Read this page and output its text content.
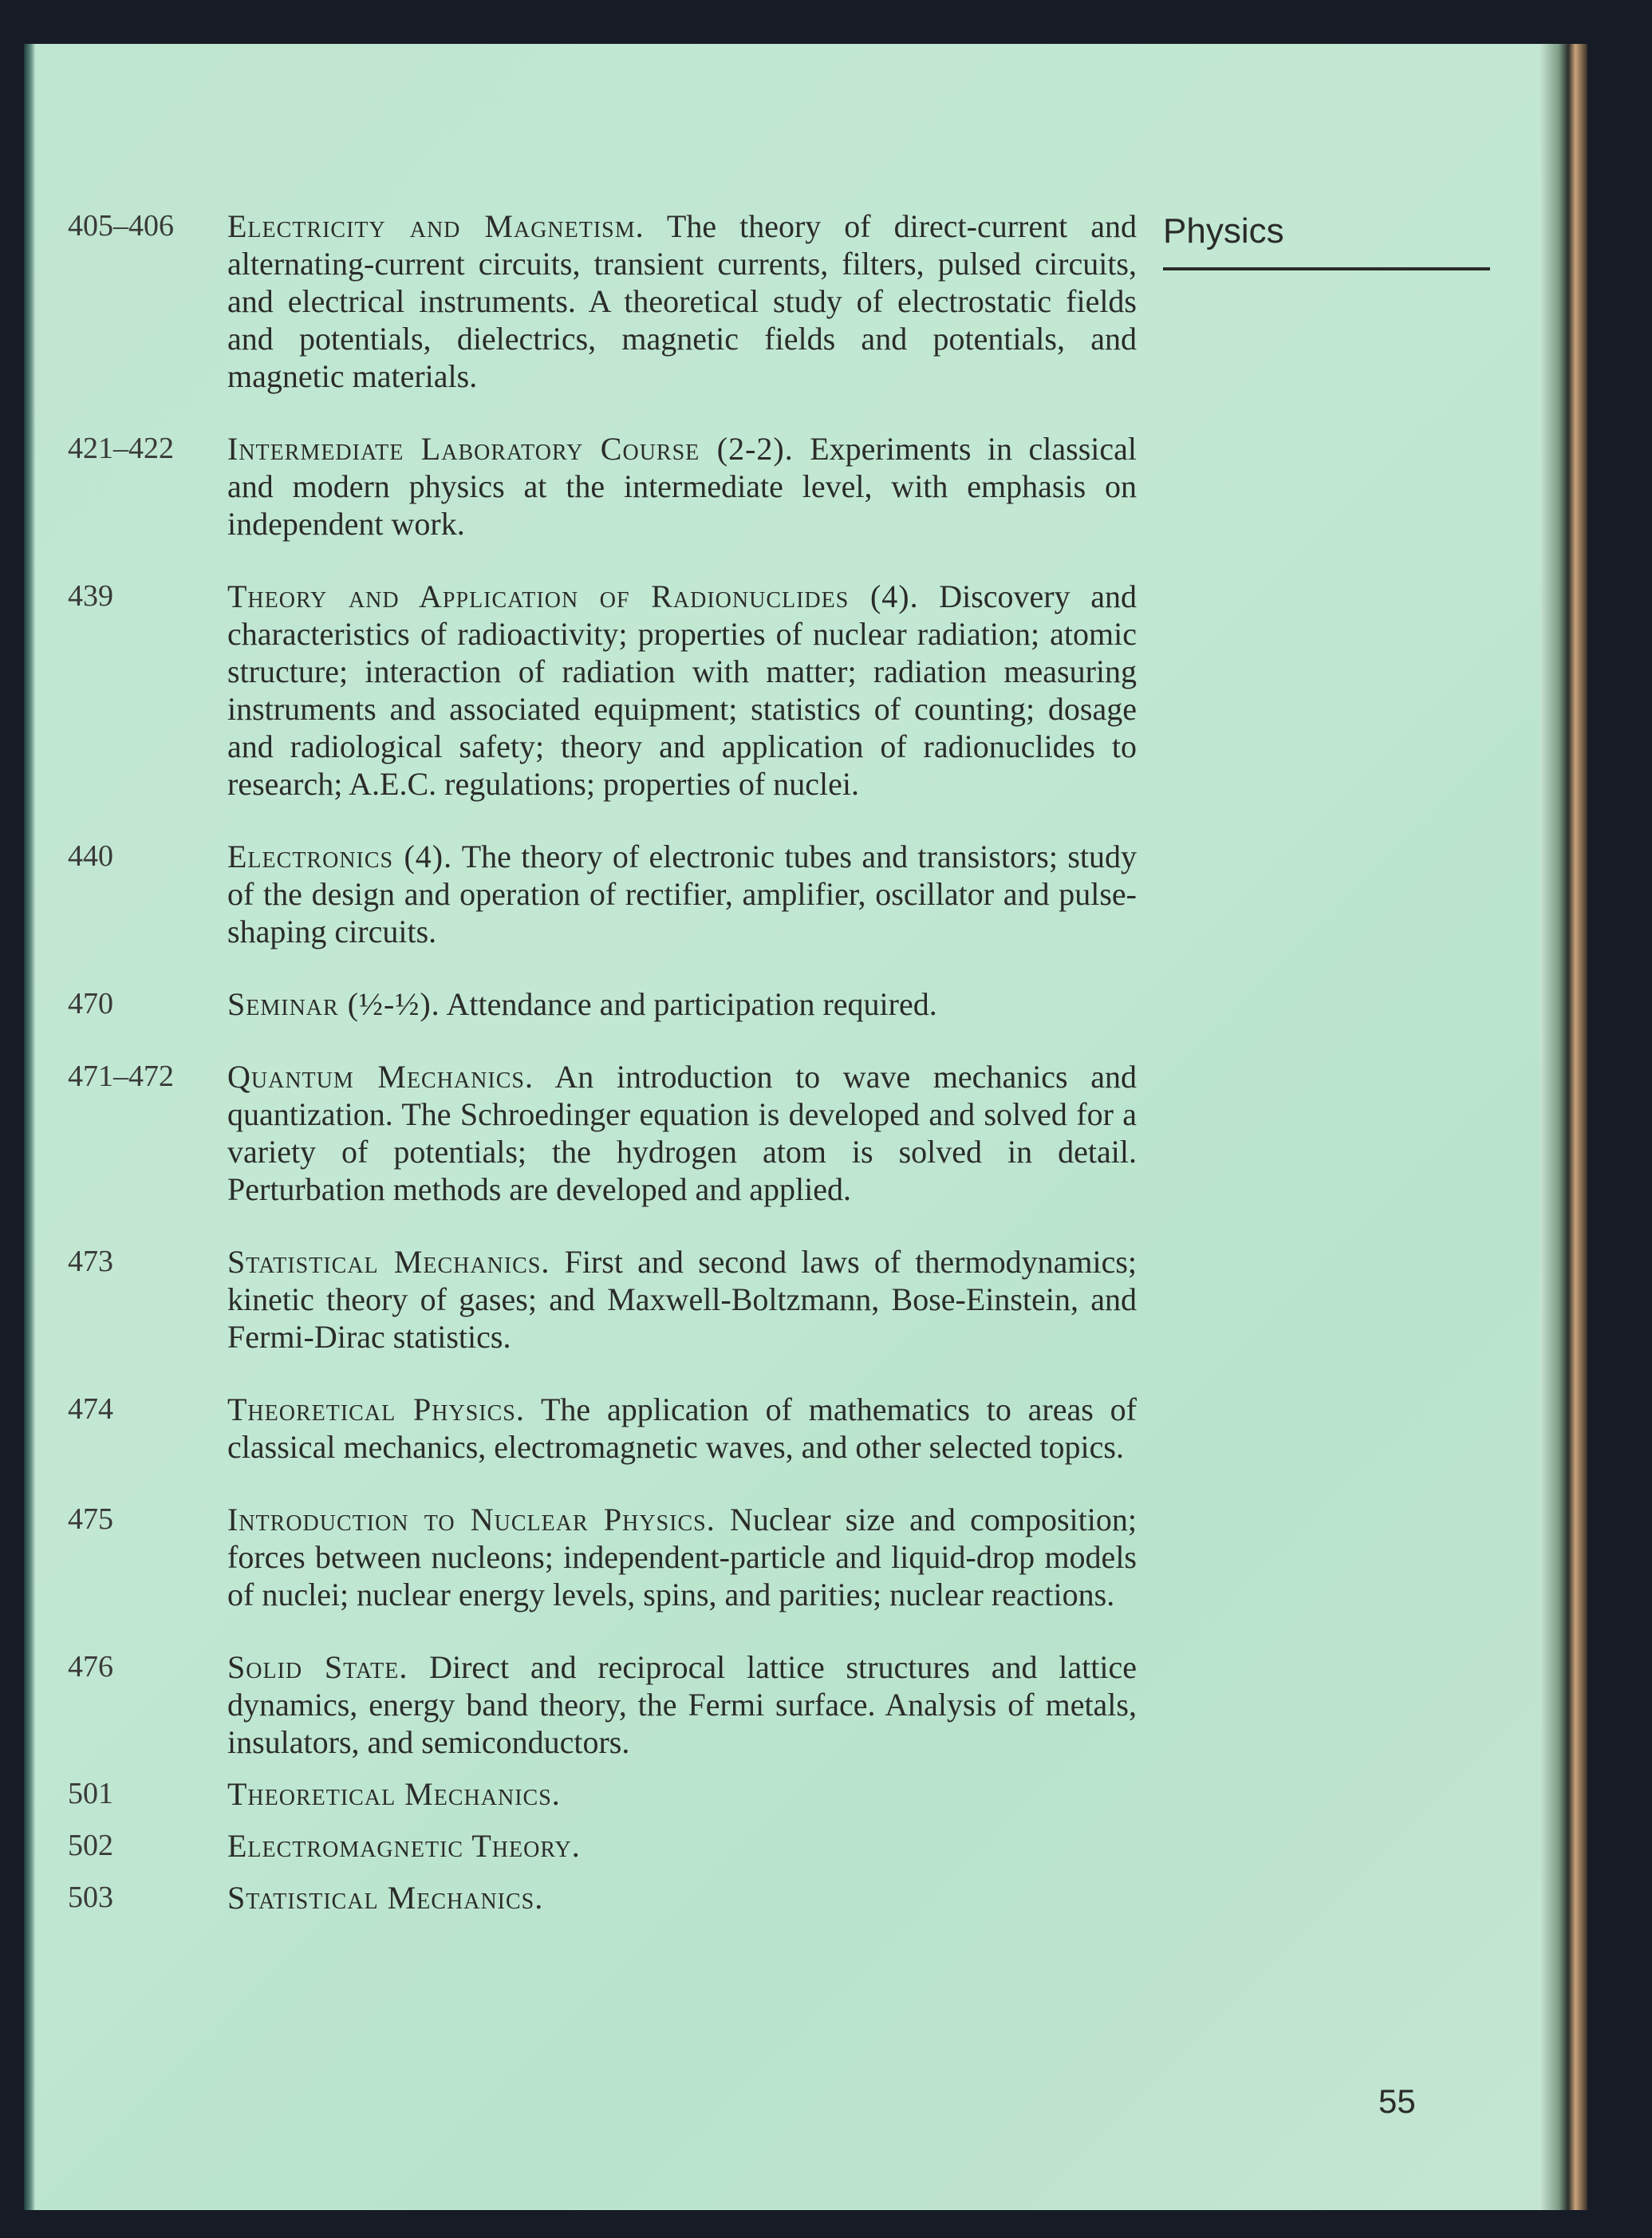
Physics
405–406	Electricity and Magnetism. The theory of direct-current and alternating-current circuits, transient currents, filters, pulsed circuits, and electrical instruments. A theoretical study of electrostatic fields and potentials, dielectrics, magnetic fields and potentials, and magnetic materials.
421–422	Intermediate Laboratory Course (2-2). Experiments in classical and modern physics at the intermediate level, with emphasis on independent work.
439	Theory and Application of Radionuclides (4). Discovery and characteristics of radioactivity; properties of nuclear radiation; atomic structure; interaction of radiation with matter; radiation measuring instruments and associated equipment; statistics of counting; dosage and radiological safety; theory and application of radionuclides to research; A.E.C. regulations; properties of nuclei.
440	Electronics (4). The theory of electronic tubes and transistors; study of the design and operation of rectifier, amplifier, oscillator and pulse-shaping circuits.
470	Seminar (½-½). Attendance and participation required.
471–472	Quantum Mechanics. An introduction to wave mechanics and quantization. The Schroedinger equation is developed and solved for a variety of potentials; the hydrogen atom is solved in detail. Perturbation methods are developed and applied.
473	Statistical Mechanics. First and second laws of thermodynamics; kinetic theory of gases; and Maxwell-Boltzmann, Bose-Einstein, and Fermi-Dirac statistics.
474	Theoretical Physics. The application of mathematics to areas of classical mechanics, electromagnetic waves, and other selected topics.
475	Introduction to Nuclear Physics. Nuclear size and composition; forces between nucleons; independent-particle and liquid-drop models of nuclei; nuclear energy levels, spins, and parities; nuclear reactions.
476	Solid State. Direct and reciprocal lattice structures and lattice dynamics, energy band theory, the Fermi surface. Analysis of metals, insulators, and semiconductors.
501	Theoretical Mechanics.
502	Electromagnetic Theory.
503	Statistical Mechanics.
55
